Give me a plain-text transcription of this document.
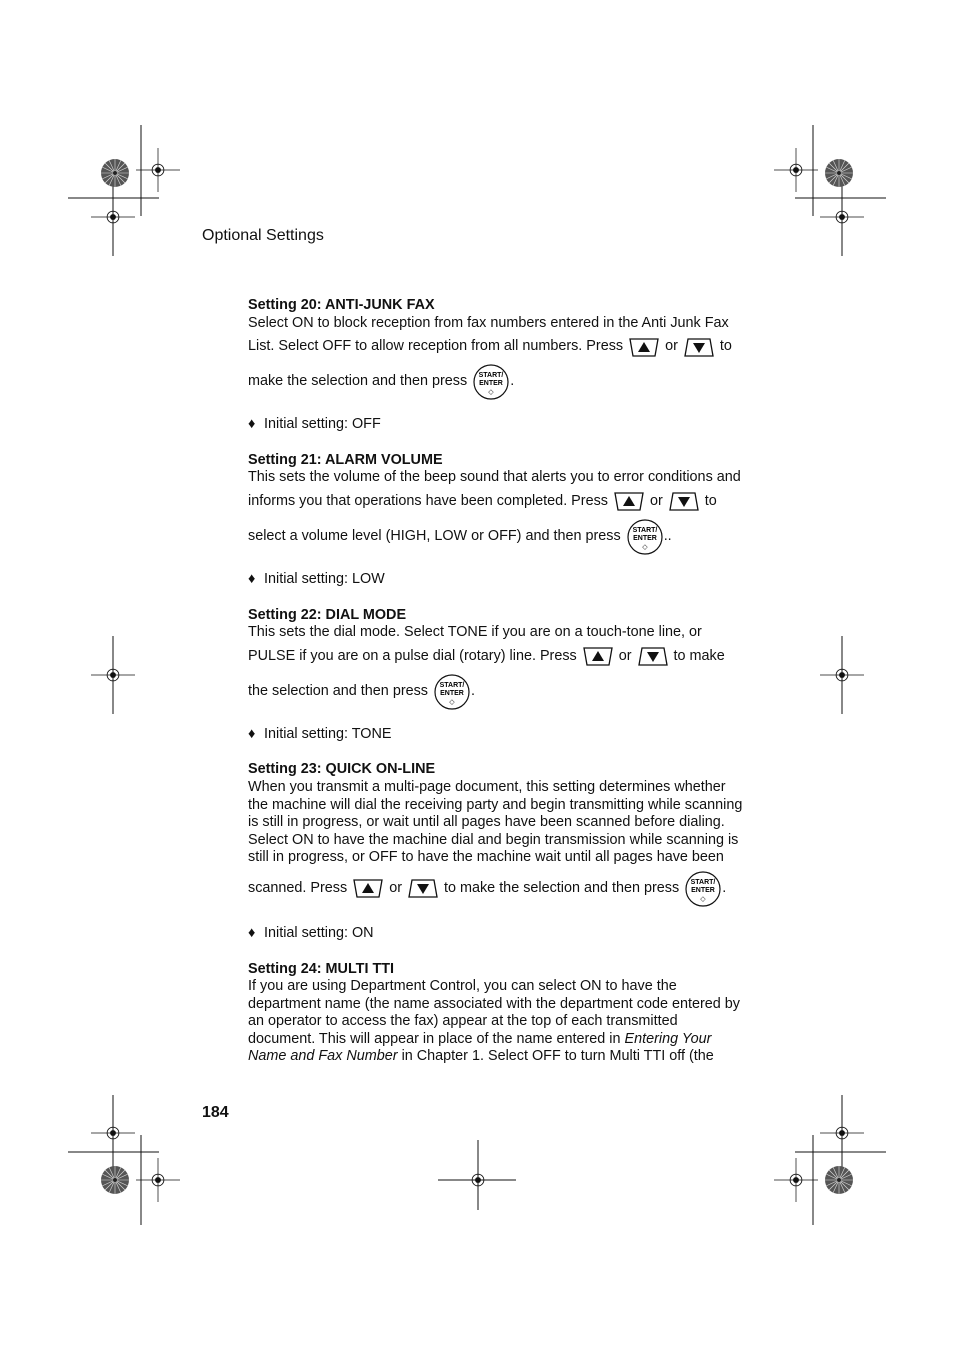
Optional Settings
Setting 20: ANTI-JUNK FAX
Select ON to block reception from fax numbers entered in the Anti Junk Fax
List. Select OFF to allow reception from all numbers. Press	or	to
make the selection and then press START/
ENTER
◇
.
♦ Initial setting: OFF
Setting 21: ALARM VOLUME
This sets the volume of the beep sound that alerts you to error conditions and
informs you that operations have been completed. Press	or	to
select a volume level (HIGH, LOW or OFF) and then press START/
ENTER
◇
..
♦ Initial setting: LOW
Setting 22: DIAL MODE
This sets the dial mode. Select TONE if you are on a touch-tone line, or
PULSE if you are on a pulse dial (rotary) line. Press	or	to make
the selection and then press START/
ENTER
◇
.
♦ Initial setting: TONE
Setting 23: QUICK ON-LINE
When you transmit a multi-page document, this setting determines whether
the machine will dial the receiving party and begin transmitting while scanning
is still in progress, or wait until all pages have been scanned before dialing.
Select ON to have the machine dial and begin transmission while scanning is
still in progress, or OFF to have the machine wait until all pages have been
scanned. Press	or	to make the selection and then press START/
ENTER
◇
.
♦ Initial setting: ON
Setting 24: MULTI TTI
If you are using Department Control, you can select ON to have the
department name (the name associated with the department code entered by
an operator to access the fax) appear at the top of each transmitted
document. This will appear in place of the name entered in Entering Your
Name and Fax Number in Chapter 1. Select OFF to turn Multi TTI off (the
184
